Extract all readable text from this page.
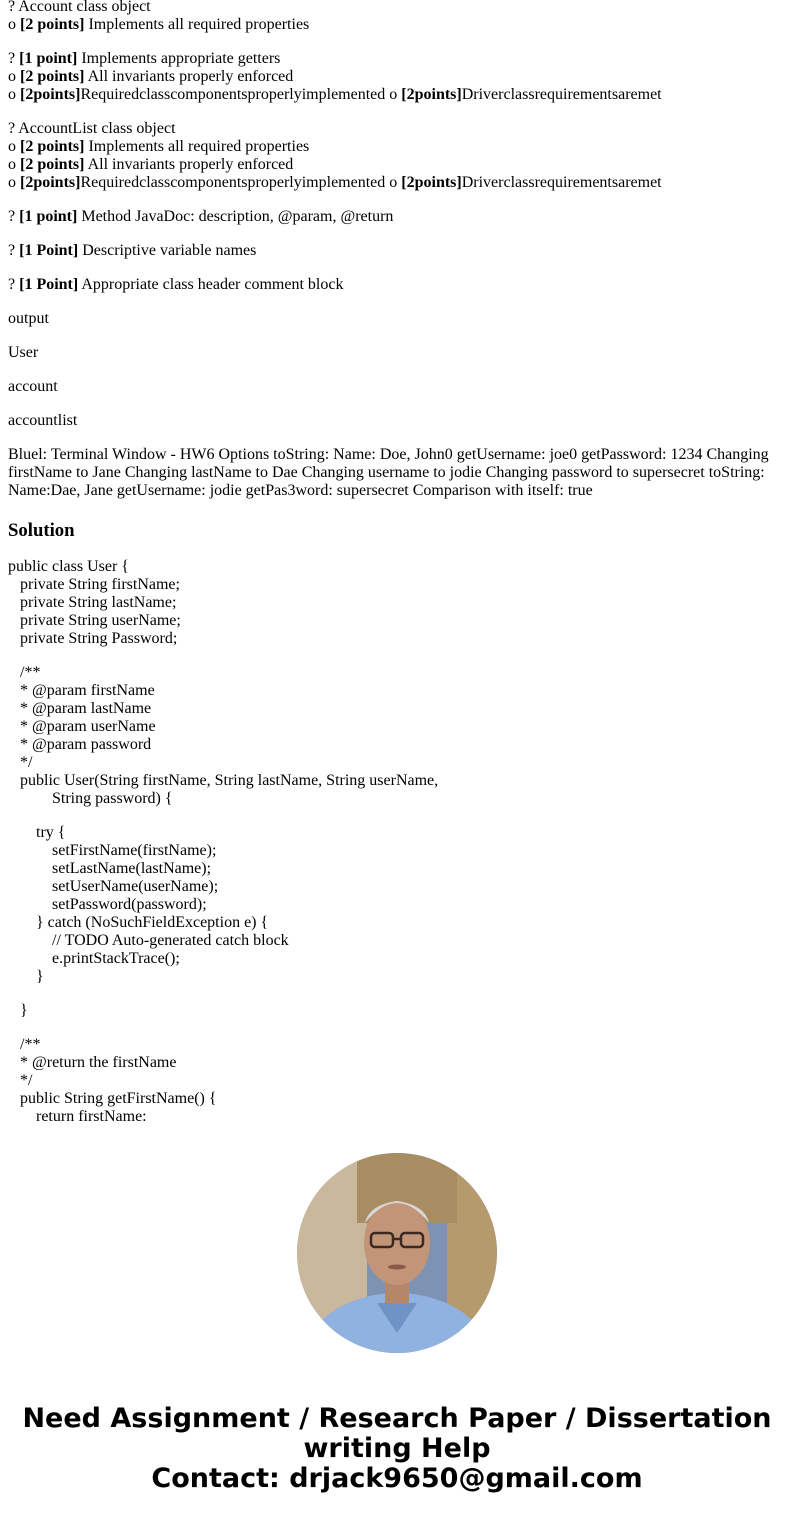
? Account class object
o [2 points] Implements all required properties
? [1 point] Implements appropriate getters
o [2 points] All invariants properly enforced
o [2points]Requiredclasscomponentsproperlyimplemented o [2points]Driverclassrequirementsaremet
? AccountList class object
o [2 points] Implements all required properties
o [2 points] All invariants properly enforced
o [2points]Requiredclasscomponentsproperlyimplemented o [2points]Driverclassrequirementsaremet
? [1 point] Method JavaDoc: description, @param, @return
? [1 Point] Descriptive variable names
? [1 Point] Appropriate class header comment block
output
User
account
accountlist
Bluel: Terminal Window - HW6 Options toString: Name: Doe, John0 getUsername: joe0 getPassword: 1234 Changing firstName to Jane Changing lastName to Dae Changing username to jodie Changing password to supersecret toString: Name:Dae, Jane getUsername: jodie getPas3word: supersecret Comparison with itself: true
Solution
public class User {
private String firstName;
private String lastName;
private String userName;
private String Password;
/**
* @param firstName
* @param lastName
* @param userName
* @param password
*/
public User(String firstName, String lastName, String userName,
String password) {
try {
setFirstName(firstName);
setLastName(lastName);
setUserName(userName);
setPassword(password);
} catch (NoSuchFieldException e) {
// TODO Auto-generated catch block
e.printStackTrace();
}
}
/**
* @return the firstName
*/
public String getFirstName() {
return firstName:
Need Assignment / Research Paper / Dissertation
writing Help
Contact: drjack9650@gmail.com
